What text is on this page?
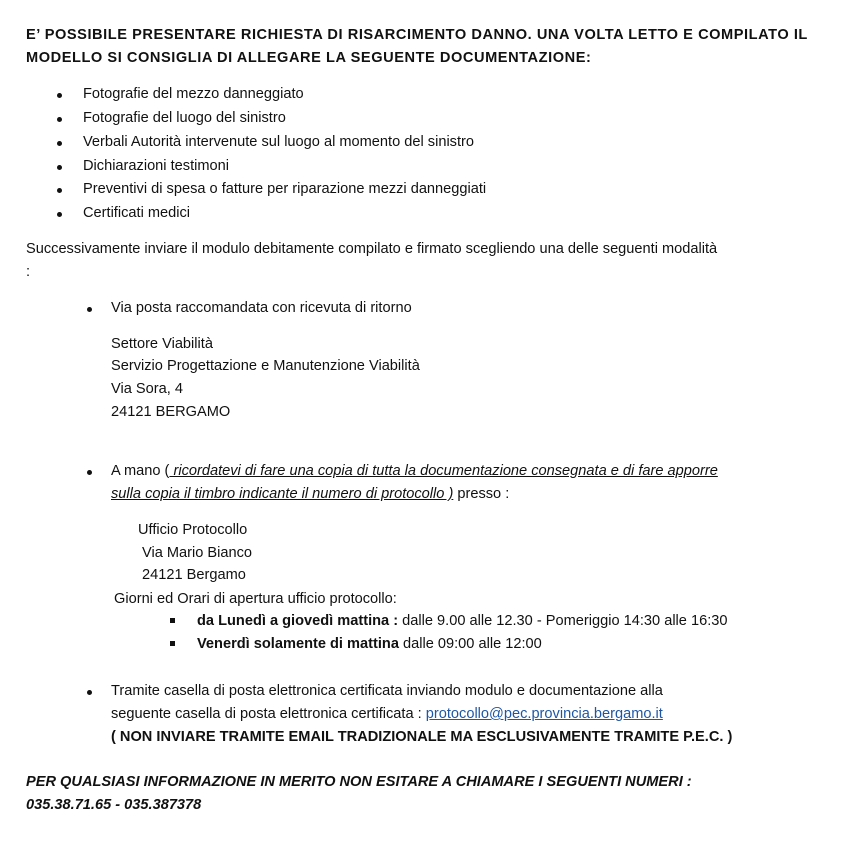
E’ POSSIBILE PRESENTARE RICHIESTA DI RISARCIMENTO DANNO. UNA VOLTA LETTO E COMPILATO IL
MODELLO SI CONSIGLIA DI ALLEGARE LA SEGUENTE DOCUMENTAZIONE:
Fotografie del mezzo danneggiato
Fotografie del luogo del sinistro
Verbali Autorità intervenute sul luogo al momento del sinistro
Dichiarazioni testimoni
Preventivi di spesa o fatture per riparazione mezzi danneggiati
Certificati medici
Successivamente inviare il modulo debitamente compilato e firmato scegliendo una delle seguenti modalità
:
Via posta raccomandata con ricevuta di ritorno
Settore Viabilità
Servizio Progettazione e Manutenzione Viabilità
Via Sora, 4
24121 BERGAMO
A mano ( ricordatevi di fare una copia di tutta la documentazione consegnata e di fare apporre
sulla copia il timbro indicante il numero di protocollo ) presso :
Ufficio Protocollo
Via Mario Bianco
24121 Bergamo
Giorni ed Orari di apertura ufficio protocollo:
da Lunedì a giovedì mattina : dalle 9.00 alle 12.30 - Pomeriggio 14:30 alle 16:30
Venerdì solamente di mattina dalle 09:00 alle 12:00
Tramite casella di posta elettronica certificata inviando modulo e documentazione alla
seguente casella di posta elettronica certificata : protocollo@pec.provincia.bergamo.it
( NON INVIARE TRAMITE EMAIL TRADIZIONALE MA ESCLUSIVAMENTE TRAMITE P.E.C. )
PER QUALSIASI INFORMAZIONE IN MERITO NON ESITARE A CHIAMARE I SEGUENTI NUMERI :
035.38.71.65 - 035.387378
